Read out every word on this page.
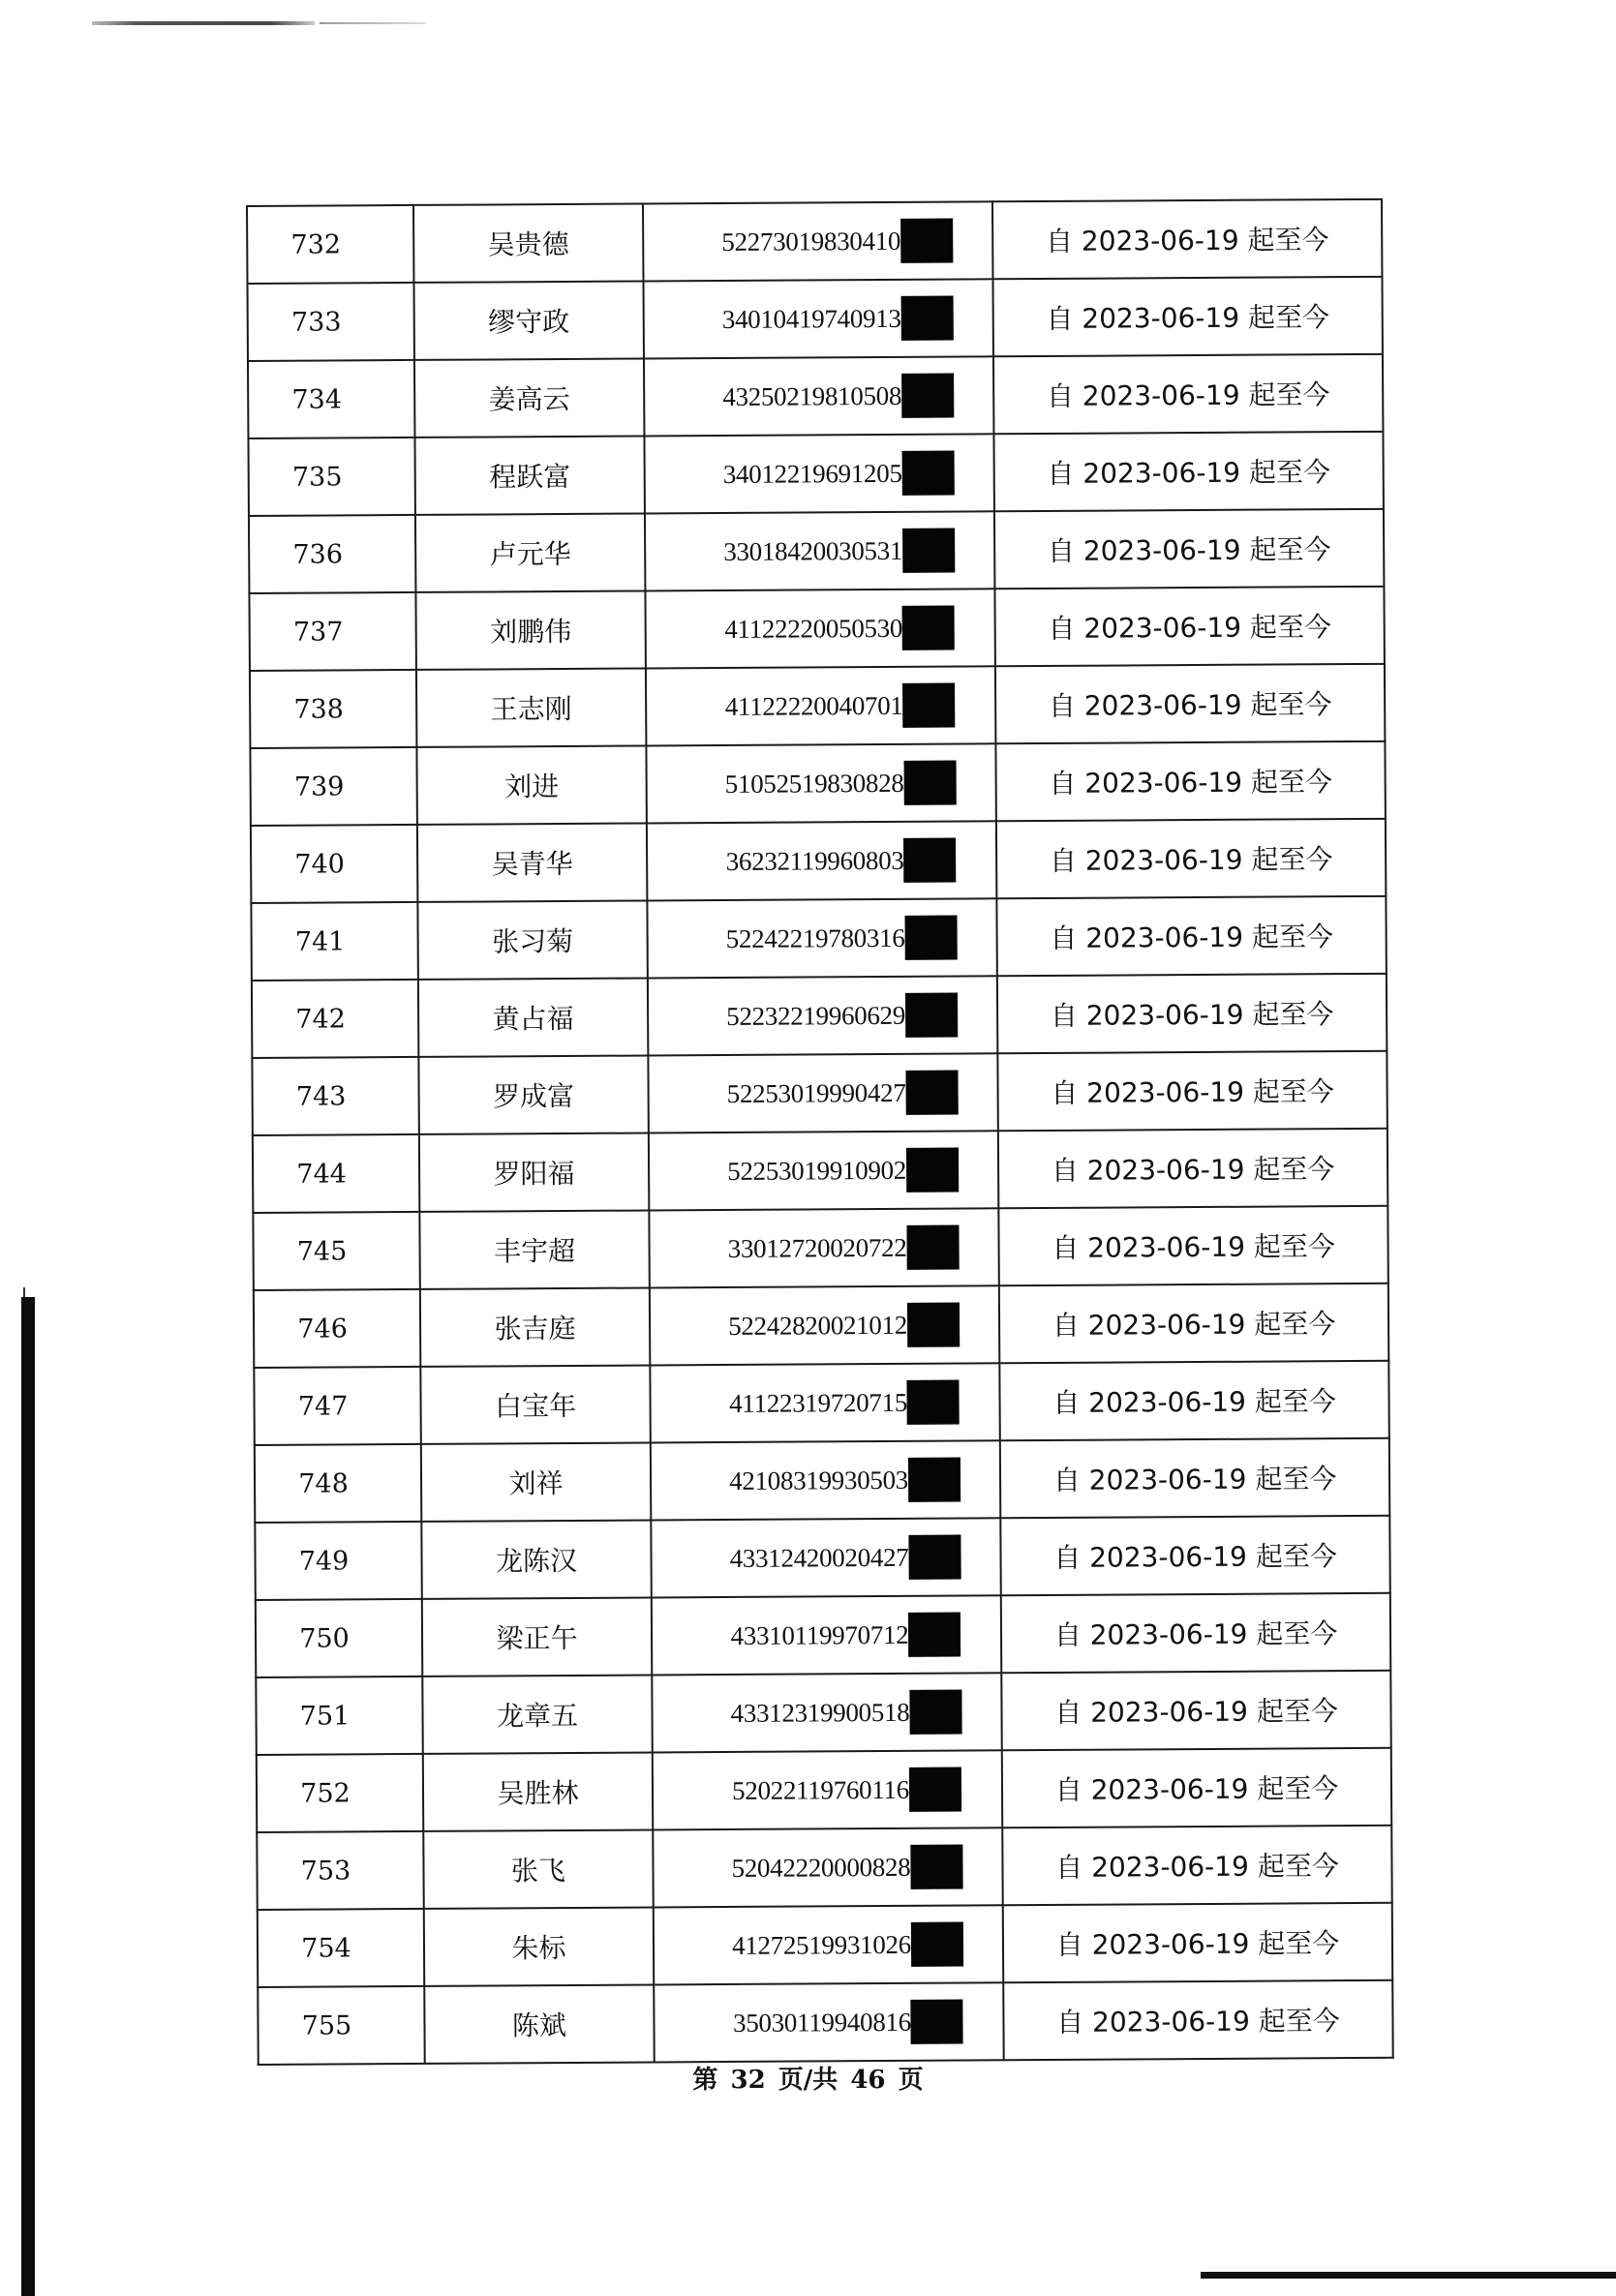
732	吴贵德	52273019830410	自 2023-06-19 起至今
733	缪守政	34010419740913	自 2023-06-19 起至今
734	姜高云	43250219810508	自 2023-06-19 起至今
735	程跃富	34012219691205	自 2023-06-19 起至今
736	卢元华	33018420030531	自 2023-06-19 起至今
737	刘鹏伟	41122220050530	自 2023-06-19 起至今
738	王志刚	41122220040701	自 2023-06-19 起至今
739	刘进	51052519830828	自 2023-06-19 起至今
740	吴青华	36232119960803	自 2023-06-19 起至今
741	张习菊	52242219780316	自 2023-06-19 起至今
742	黄占福	52232219960629	自 2023-06-19 起至今
743	罗成富	52253019990427	自 2023-06-19 起至今
744	罗阳福	52253019910902	自 2023-06-19 起至今
745	丰宇超	33012720020722	自 2023-06-19 起至今
746	张吉庭	52242820021012	自 2023-06-19 起至今
747	白宝年	41122319720715	自 2023-06-19 起至今
748	刘祥	42108319930503	自 2023-06-19 起至今
749	龙陈汉	43312420020427	自 2023-06-19 起至今
750	梁正午	43310119970712	自 2023-06-19 起至今
751	龙章五	43312319900518	自 2023-06-19 起至今
752	吴胜林	52022119760116	自 2023-06-19 起至今
753	张飞	52042220000828	自 2023-06-19 起至今
754	朱标	41272519931026	自 2023-06-19 起至今
755	陈斌	35030119940816	自 2023-06-19 起至今
第 32 页/共 46 页
